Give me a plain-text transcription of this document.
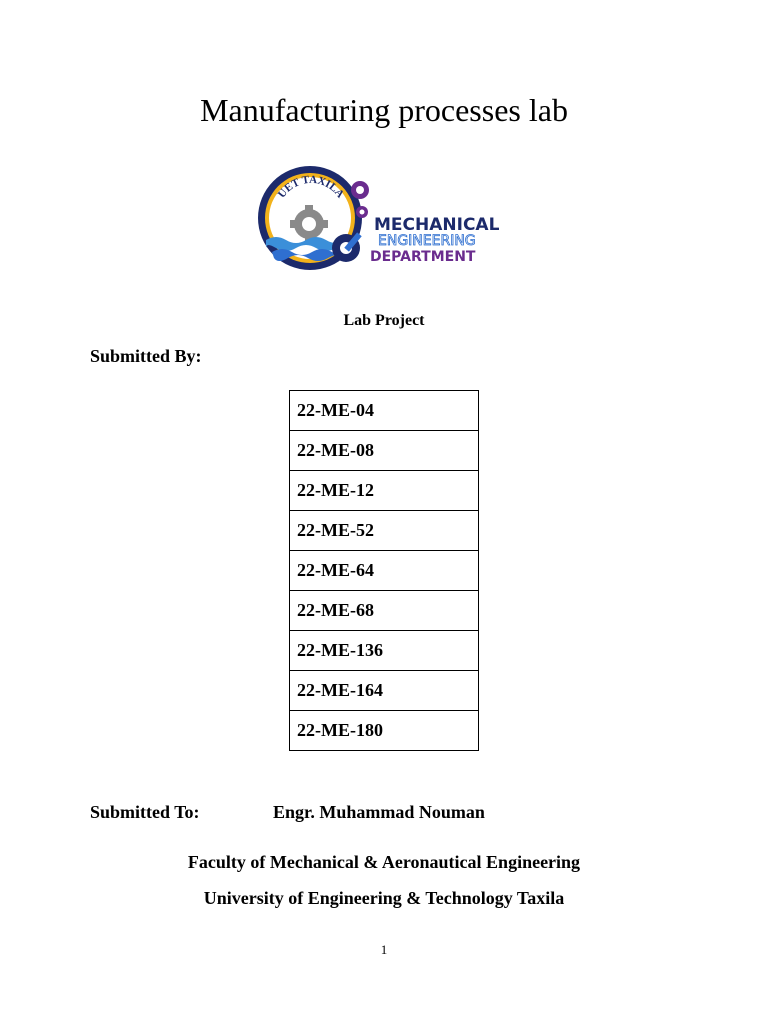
Manufacturing processes lab
UET TAXILA
MECHANICAL
ENGINEERING
DEPARTMENT
Lab Project
Submitted By:
22-ME-04
22-ME-08
22-ME-12
22-ME-52
22-ME-64
22-ME-68
22-ME-136
22-ME-164
22-ME-180
Submitted To:	Engr. Muhammad Nouman
Faculty of Mechanical & Aeronautical Engineering
University of Engineering & Technology Taxila
1
